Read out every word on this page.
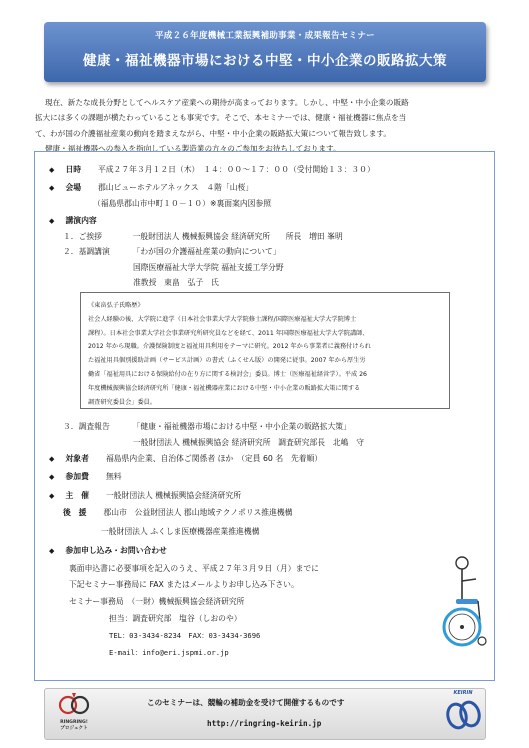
平成２６年度機械工業振興補助事業・成果報告セミナー
健康・福祉機器市場における中堅・中小企業の販路拡大策

現在、新たな成長分野としてヘルスケア産業への期待が高まっております。しかし、中堅・中小企業の販路

拡大には多くの課題が横たわっていることも事実です。そこで、本セミナーでは、健康・福祉機器に焦点を当

て、わが国の介護福祉産業の動向を踏まえながら、中堅・中小企業の販路拡大策について報告致します。

健康・福祉機器への参入を指向している製造業の方々のご参加をお待ちしております。

◆ 日時 平成２７年３月１２日（木）　１４：００～１７：００（受付開始１３：３０）
◆ 会場 郡山ビューホテルアネックス　４階「山桜」
（福島県郡山市中町１０－１０）※裏面案内図参照
◆ 講演内容
１．ご挨拶	一般財団法人 機械振興協会 経済研究所　　所長　増田 峯明
２．基調講演	「わが国の介護福祉産業の動向について」
国際医療福祉大学大学院 福祉支援工学分野
准教授　東畠　弘子　氏
《東畠弘子氏略歴》
社会人経験の後、大学院に進学（日本社会事業大学大学院修士課程/国際医療福祉大学大学院博士
課程）。日本社会事業大学社会事業研究所研究員などを経て、2011 年国際医療福祉大学大学院講師、
2012 年から現職。介護保険制度と福祉用具利用をテーマに研究。2012 年から事業者に義務付けられ
た福祉用具個別援助計画（サービス計画）の書式（ふくせん版）の開発に従事。2007 年から厚生労
働省「福祉用具における保険給付の在り方に関する検討会」委員。博士（医療福祉経営学）。平成 26
年度機械振興協会経済研究所「健康・福祉機器産業における中堅・中小企業の販路拡大策に関する
調査研究委員会」委員。
３．調査報告	「健康・福祉機器市場における中堅・中小企業の販路拡大策」
一般財団法人 機械振興協会 経済研究所　調査研究部長　北嶋　守
◆ 対象者 福島県内企業、自治体ご関係者 ほか　（定員 60 名　先着順）
◆ 参加費 無料
◆ 主　催 一般財団法人 機械振興協会経済研究所
後　援 郡山市　公益財団法人 郡山地域テクノポリス推進機構
一般財団法人 ふくしま医療機器産業推進機構
◆ 参加申し込み・お問い合わせ
裏面申込書に必要事項を記入のうえ、平成２７年３月９日（月）までに
下記セミナー事務局に FAX またはメールよりお申し込み下さい。
セミナー事務局　（一財）機械振興協会経済研究所
担当：調査研究部　塩谷（しおのや）
TEL：03-3434-8234　FAX：03-3434-3696
E-mail：info@eri.jspmi.or.jp
このセミナーは、競輪の補助金を受けて開催するものです
http://ringring-keirin.jp
RINGRING!
プロジェクト
KEIRIN
